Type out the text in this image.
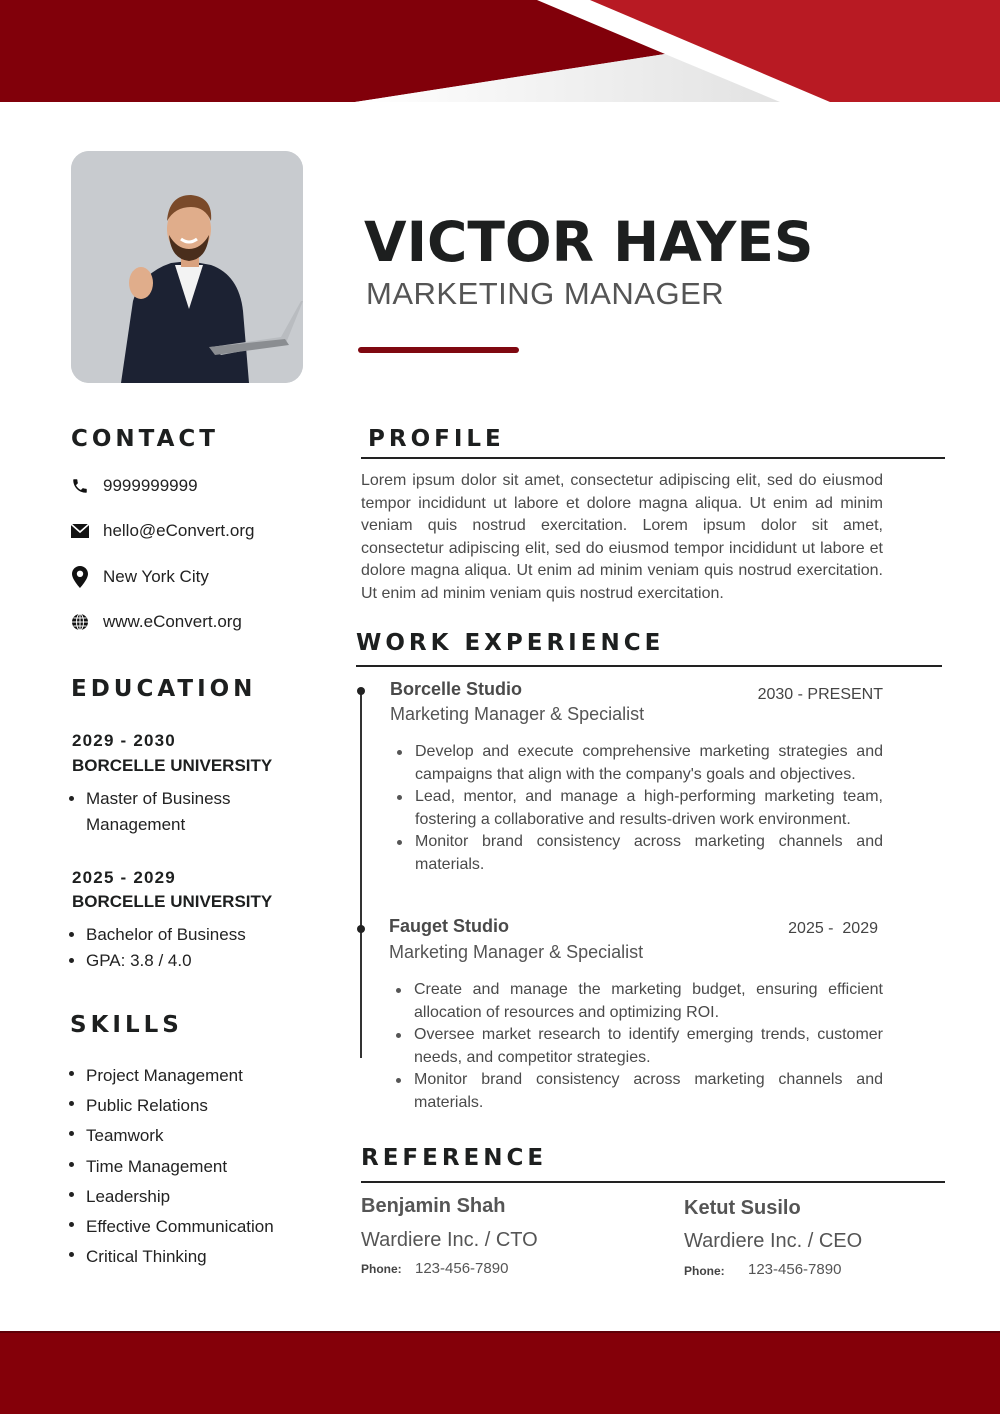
VICTOR HAYES
MARKETING MANAGER
CONTACT
9999999999
hello@eConvert.org
New York City
www.eConvert.org
EDUCATION
2029 - 2030
BORCELLE UNIVERSITY
Master of Business Management
2025 - 2029
BORCELLE UNIVERSITY
Bachelor of Business
GPA: 3.8 / 4.0
SKILLS
Project Management
Public Relations
Teamwork
Time Management
Leadership
Effective Communication
Critical Thinking
PROFILE
Lorem ipsum dolor sit amet, consectetur adipiscing elit, sed do eiusmod tempor incididunt ut labore et dolore magna aliqua. Ut enim ad minim veniam quis nostrud exercitation. Lorem ipsum dolor sit amet, consectetur adipiscing elit, sed do eiusmod tempor incididunt ut labore et dolore magna aliqua. Ut enim ad minim veniam quis nostrud exercitation. Ut enim ad minim veniam quis nostrud exercitation.
WORK EXPERIENCE
Borcelle Studio	2030 - PRESENT
Marketing Manager & Specialist
Develop and execute comprehensive marketing strategies and campaigns that align with the company's goals and objectives.
Lead, mentor, and manage a high-performing marketing team, fostering a collaborative and results-driven work environment.
Monitor brand consistency across marketing channels and materials.
Fauget Studio	2025 -  2029
Marketing Manager & Specialist
Create and manage the marketing budget, ensuring efficient allocation of resources and optimizing ROI.
Oversee market research to identify emerging trends, customer needs, and competitor strategies.
Monitor brand consistency across marketing channels and materials.
REFERENCE
Benjamin Shah
Wardiere Inc. / CTO
Phone: 123-456-7890
Ketut Susilo
Wardiere Inc. / CEO
Phone: 123-456-7890
